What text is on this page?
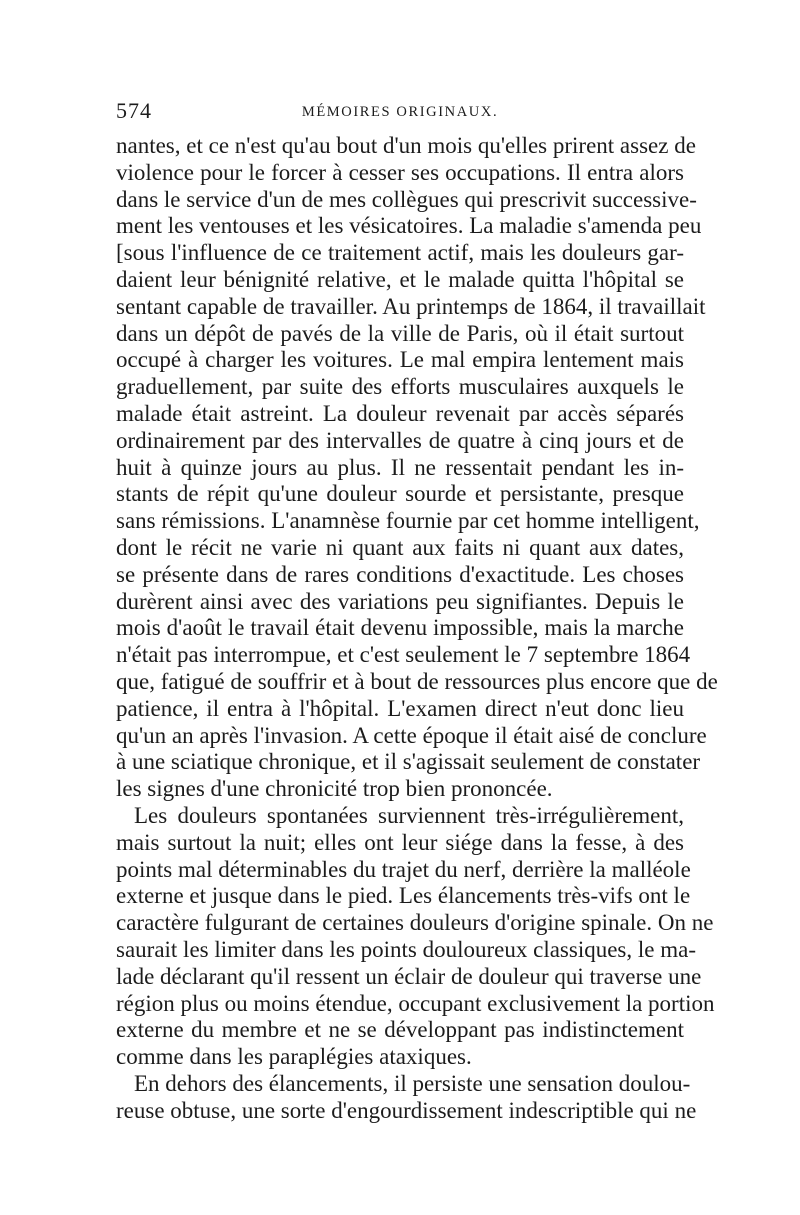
574	MÉMOIRES ORIGINAUX.
nantes, et ce n'est qu'au bout d'un mois qu'elles prirent assez de
violence pour le forcer à cesser ses occupations. Il entra alors
dans le service d'un de mes collègues qui prescrivit successive-
ment les ventouses et les vésicatoires. La maladie s'amenda peu
[sous l'influence de ce traitement actif, mais les douleurs gar-
daient leur bénignité relative, et le malade quitta l'hôpital se
sentant capable de travailler. Au printemps de 1864, il travaillait
dans un dépôt de pavés de la ville de Paris, où il était surtout
occupé à charger les voitures. Le mal empira lentement mais
graduellement, par suite des efforts musculaires auxquels le
malade était astreint. La douleur revenait par accès séparés
ordinairement par des intervalles de quatre à cinq jours et de
huit à quinze jours au plus. Il ne ressentait pendant les in-
stants de répit qu'une douleur sourde et persistante, presque
sans rémissions. L'anamnèse fournie par cet homme intelligent,
dont le récit ne varie ni quant aux faits ni quant aux dates,
se présente dans de rares conditions d'exactitude. Les choses
durèrent ainsi avec des variations peu signifiantes. Depuis le
mois d'août le travail était devenu impossible, mais la marche
n'était pas interrompue, et c'est seulement le 7 septembre 1864
que, fatigué de souffrir et à bout de ressources plus encore que de
patience, il entra à l'hôpital. L'examen direct n'eut donc lieu
qu'un an après l'invasion. A cette époque il était aisé de conclure
à une sciatique chronique, et il s'agissait seulement de constater
les signes d'une chronicité trop bien prononcée.
Les douleurs spontanées surviennent très-irrégulièrement,
mais surtout la nuit; elles ont leur siége dans la fesse, à des
points mal déterminables du trajet du nerf, derrière la malléole
externe et jusque dans le pied. Les élancements très-vifs ont le
caractère fulgurant de certaines douleurs d'origine spinale. On ne
saurait les limiter dans les points douloureux classiques, le ma-
lade déclarant qu'il ressent un éclair de douleur qui traverse une
région plus ou moins étendue, occupant exclusivement la portion
externe du membre et ne se développant pas indistinctement
comme dans les paraplégies ataxiques.
En dehors des élancements, il persiste une sensation doulou-
reuse obtuse, une sorte d'engourdissement indescriptible qui ne
